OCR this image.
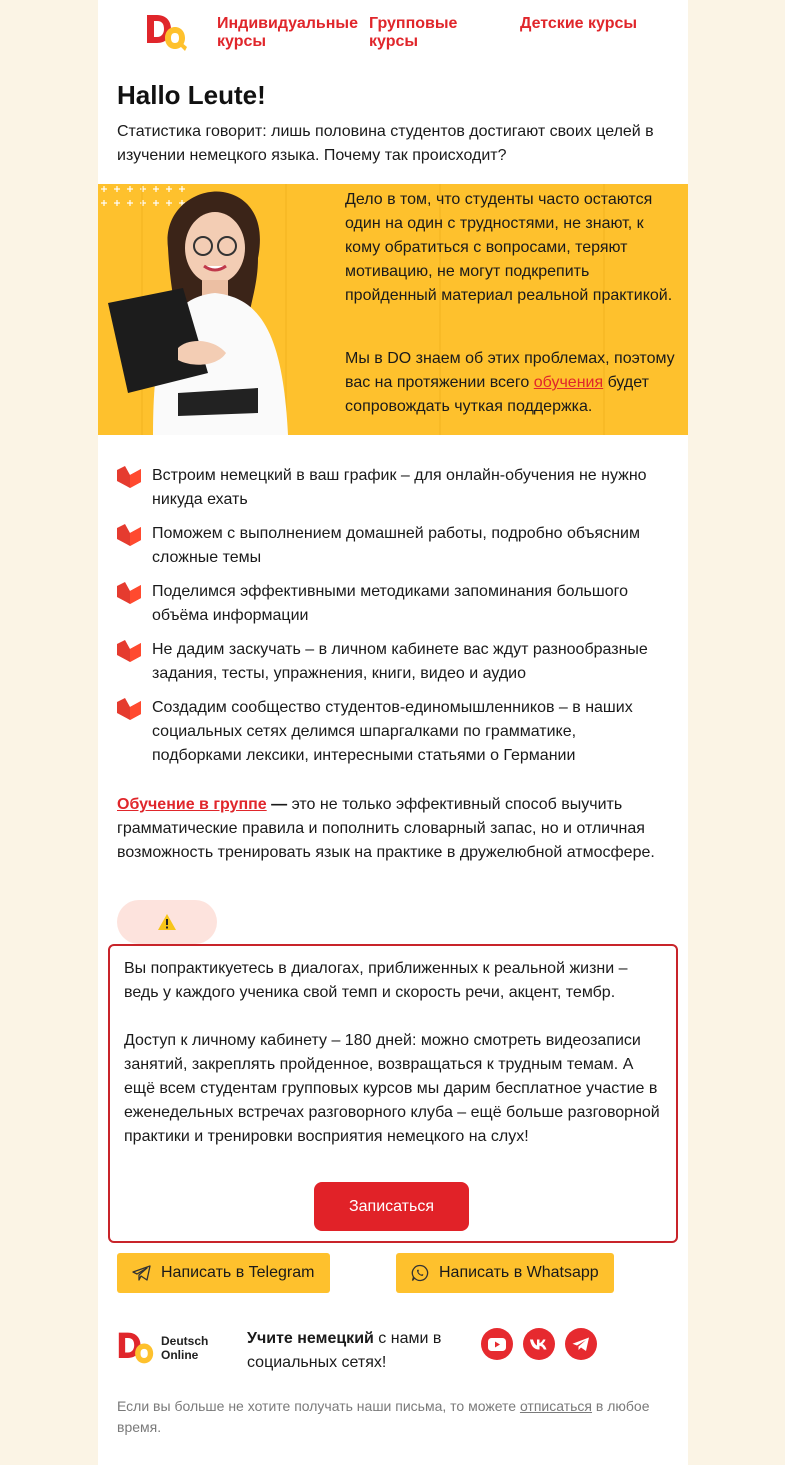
Индивидуальные
курсы
Групповые
курсы
Детские курсы
Hallo Leute!
Статистика говорит: лишь половина студентов достигают своих целей в изучении немецкого языка. Почему так происходит?
Дело в том, что студенты часто остаются один на один с трудностями, не знают, к кому обратиться с вопросами, теряют мотивацию, не могут подкрепить пройденный материал реальной практикой.
Мы в DO знаем об этих проблемах, поэтому вас на протяжении всего обучения будет сопровождать чуткая поддержка.
Встроим немецкий в ваш график – для онлайн-обучения не нужно никуда ехать
Поможем с выполнением домашней работы, подробно объясним сложные темы
Поделимся эффективными методиками запоминания большого объёма информации
Не дадим заскучать – в личном кабинете вас ждут разнообразные задания, тесты, упражнения, книги, видео и аудио
Создадим сообщество студентов-единомышленников – в наших социальных сетях делимся шпаргалками по грамматике, подборками лексики, интересными статьями о Германии
Обучение в группе — это не только эффективный способ выучить грамматические правила и пополнить словарный запас, но и отличная возможность тренировать язык на практике в дружелюбной атмосфере.
Вы попрактикуетесь в диалогах, приближенных к реальной жизни – ведь у каждого ученика свой темп и скорость речи, акцент, тембр.
Доступ к личному кабинету – 180 дней: можно смотреть видеозаписи занятий, закреплять пройденное, возвращаться к трудным темам. А ещё всем студентам групповых курсов мы дарим бесплатное участие в еженедельных встречах разговорного клуба – ещё больше разговорной практики и тренировки восприятия немецкого на слух!
Записаться
Написать в Telegram	Написать в Whatsapp
Deutsch
Online
Учите немецкий с нами в социальных сетях!
Если вы больше не хотите получать наши письма, то можете отписаться в любое время.
